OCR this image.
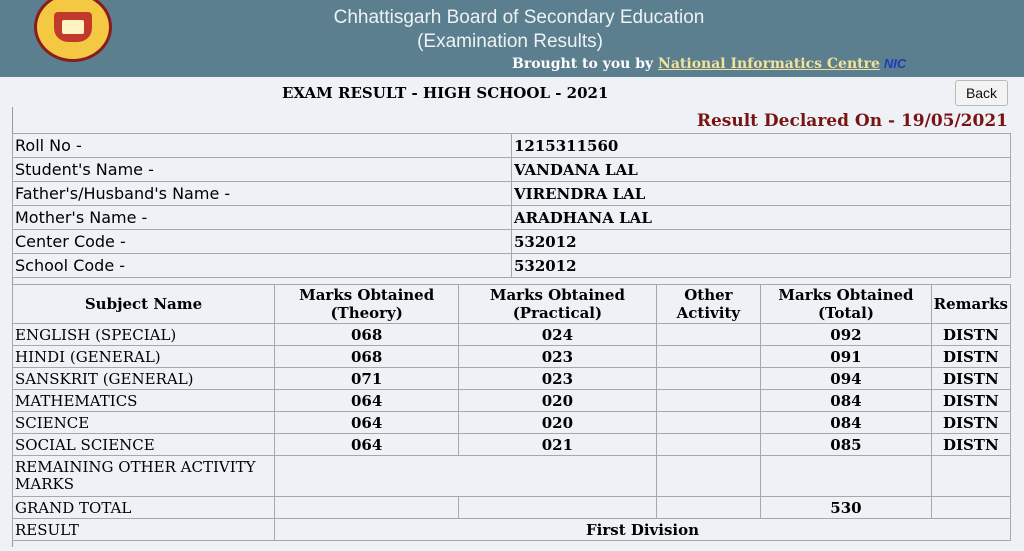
Chhattisgarh Board of Secondary Education
(Examination Results)
Brought to you by National Informatics Centre NIC
EXAM RESULT - HIGH SCHOOL - 2021	Back
Result Declared On - 19/05/2021
Roll No -	1215311560
Student's Name -	VANDANA LAL
Father's/Husband's Name -	VIRENDRA LAL
Mother's Name -	ARADHANA LAL
Center Code -	532012
School Code -	532012
Subject Name	Marks Obtained (Theory)	Marks Obtained (Practical)	Other Activity	Marks Obtained (Total)	Remarks
ENGLISH (SPECIAL)	068	024		092	DISTN
HINDI (GENERAL)	068	023		091	DISTN
SANSKRIT (GENERAL)	071	023		094	DISTN
MATHEMATICS	064	020		084	DISTN
SCIENCE	064	020		084	DISTN
SOCIAL SCIENCE	064	021		085	DISTN
REMAINING OTHER ACTIVITY MARKS					
GRAND TOTAL				530	
RESULT	First Division				
